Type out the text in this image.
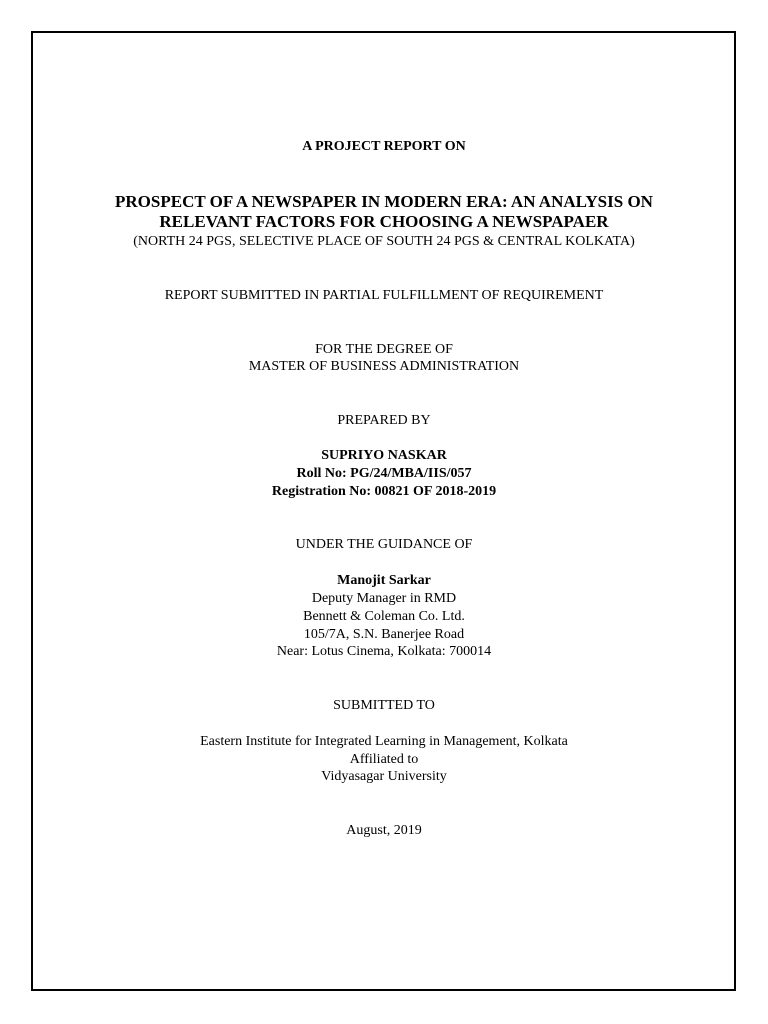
A PROJECT REPORT ON
PROSPECT OF A NEWSPAPER IN MODERN ERA: AN ANALYSIS ON
RELEVANT FACTORS FOR CHOOSING A NEWSPAPAER
(NORTH 24 PGS, SELECTIVE PLACE OF SOUTH 24 PGS & CENTRAL KOLKATA)
REPORT SUBMITTED IN PARTIAL FULFILLMENT OF REQUIREMENT
FOR THE DEGREE OF
MASTER OF BUSINESS ADMINISTRATION
PREPARED BY
SUPRIYO NASKAR
Roll No: PG/24/MBA/IIS/057
Registration No: 00821 OF 2018-2019
UNDER THE GUIDANCE OF
Manojit Sarkar
Deputy Manager in RMD
Bennett & Coleman Co. Ltd.
105/7A, S.N. Banerjee Road
Near: Lotus Cinema, Kolkata: 700014
SUBMITTED TO
Eastern Institute for Integrated Learning in Management, Kolkata
Affiliated to
Vidyasagar University
August, 2019
